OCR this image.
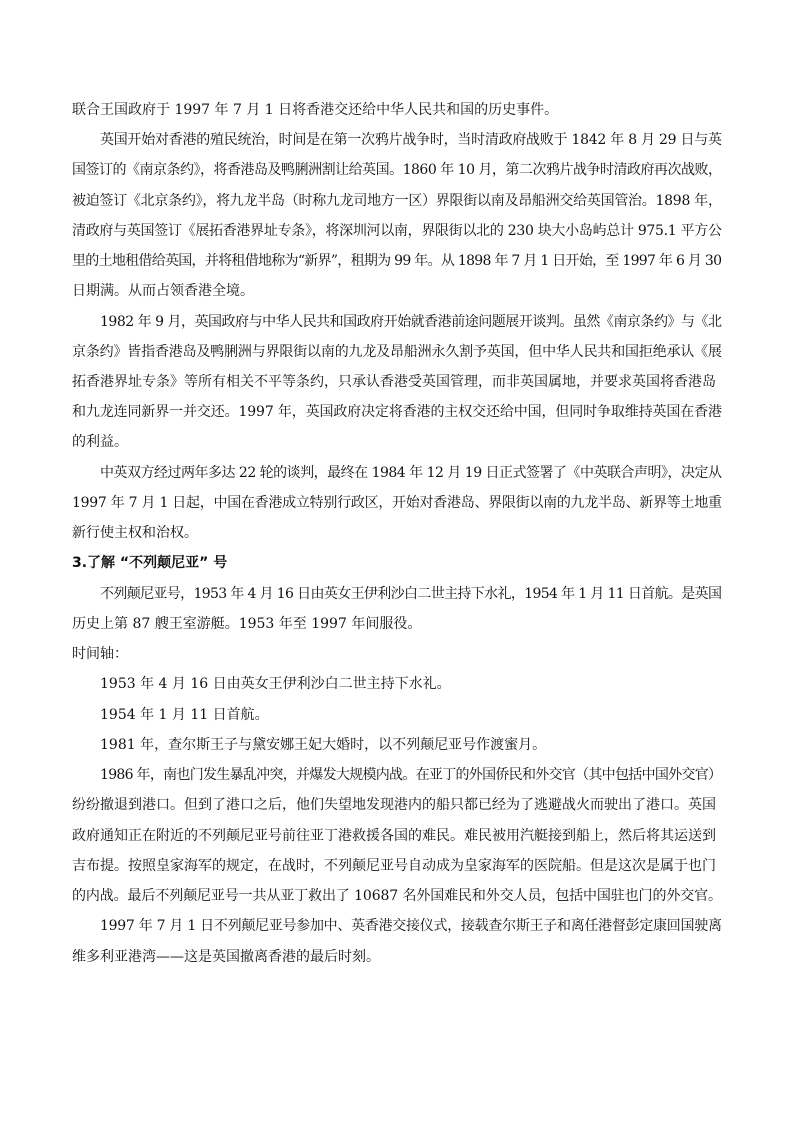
联合王国政府于 1997 年 7 月 1 日将香港交还给中华人民共和国的历史事件。
英国开始对香港的殖民统治，时间是在第一次鸦片战争时，当时清政府战败于 1842 年 8 月 29 日与英
国签订的《南京条约》，将香港岛及鸭脷洲割让给英国。1860 年 10 月，第二次鸦片战争时清政府再次战败，
被迫签订《北京条约》，将九龙半岛（时称九龙司地方一区）界限街以南及昂船洲交给英国管治。1898 年，
清政府与英国签订《展拓香港界址专条》，将深圳河以南，界限街以北的 230 块大小岛屿总计 975.1 平方公
里的土地租借给英国，并将租借地称为“新界”，租期为 99 年。从 1898 年 7 月 1 日开始，至 1997 年 6 月 30
日期满。从而占领香港全境。
1982 年 9 月，英国政府与中华人民共和国政府开始就香港前途问题展开谈判。虽然《南京条约》与《北
京条约》皆指香港岛及鸭脷洲与界限街以南的九龙及昂船洲永久割予英国，但中华人民共和国拒绝承认《展
拓香港界址专条》等所有相关不平等条约，只承认香港受英国管理，而非英国属地，并要求英国将香港岛
和九龙连同新界一并交还。1997 年，英国政府决定将香港的主权交还给中国，但同时争取维持英国在香港
的利益。
中英双方经过两年多达 22 轮的谈判，最终在 1984 年 12 月 19 日正式签署了《中英联合声明》，决定从
1997 年 7 月 1 日起，中国在香港成立特别行政区，开始对香港岛、界限街以南的九龙半岛、新界等土地重
新行使主权和治权。
3.了解 “不列颠尼亚” 号
不列颠尼亚号，1953 年 4 月 16 日由英女王伊利沙白二世主持下水礼，1954 年 1 月 11 日首航。是英国
历史上第 87 艘王室游艇。1953 年至 1997 年间服役。
时间轴：
1953 年 4 月 16 日由英女王伊利沙白二世主持下水礼。
1954 年 1 月 11 日首航。
1981 年，查尔斯王子与黛安娜王妃大婚时，以不列颠尼亚号作渡蜜月。
1986 年，南也门发生暴乱冲突，并爆发大规模内战。在亚丁的外国侨民和外交官（其中包括中国外交官）
纷纷撤退到港口。但到了港口之后，他们失望地发现港内的船只都已经为了逃避战火而驶出了港口。英国
政府通知正在附近的不列颠尼亚号前往亚丁港救援各国的难民。难民被用汽艇接到船上，然后将其运送到
吉布提。按照皇家海军的规定，在战时，不列颠尼亚号自动成为皇家海军的医院船。但是这次是属于也门
的内战。最后不列颠尼亚号一共从亚丁救出了 10687 名外国难民和外交人员，包括中国驻也门的外交官。
1997 年 7 月 1 日不列颠尼亚号参加中、英香港交接仪式，接载查尔斯王子和离任港督彭定康回国驶离
维多利亚港湾——这是英国撤离香港的最后时刻。
